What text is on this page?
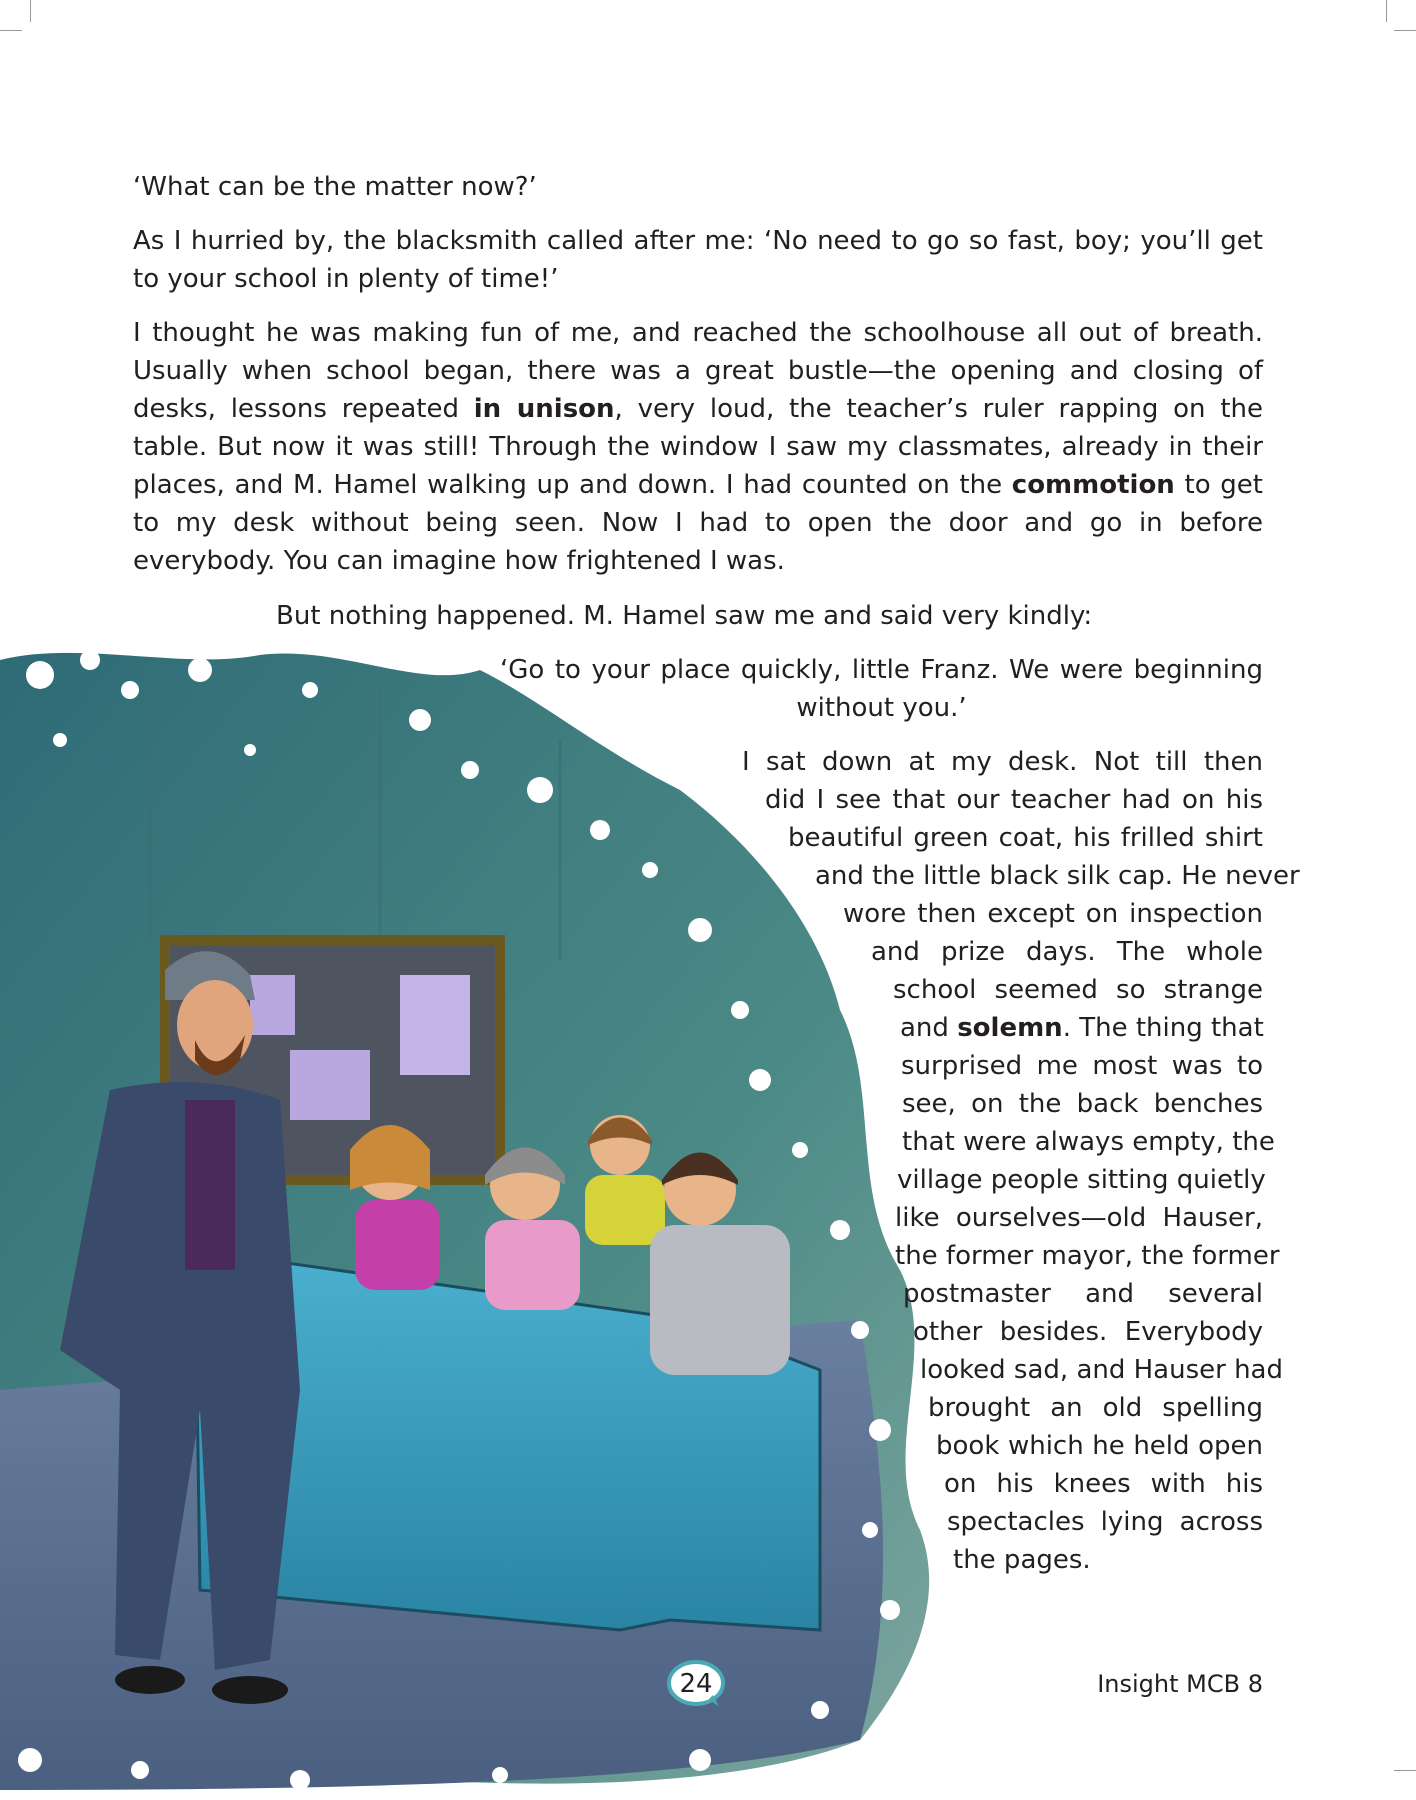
‘What can be the matter now?’

As I hurried by, the blacksmith called after me: ‘No need to go so fast, boy; you’ll get to your school in plenty of time!’

I thought he was making fun of me, and reached the schoolhouse all out of breath. Usually when school began, there was a great bustle—the opening and closing of desks, lessons repeated in unison, very loud, the teacher’s ruler rapping on the table. But now it was still! Through the window I saw my classmates, already in their places, and M. Hamel walking up and down. I had counted on the commotion to get to my desk without being seen. Now I had to open the door and go in before everybody. You can imagine how frightened I was.

But nothing happened. M. Hamel saw me and said very kindly:

‘Go to your place quickly, little Franz. We were beginning without you.’

I sat down at my desk. Not till then
did I see that our teacher had on his
beautiful green coat, his frilled shirt
and the little black silk cap. He never
wore then except on inspection
and prize days. The whole
school seemed so strange
and solemn. The thing that
surprised me most was to
see, on the back benches
that were always empty, the
village people sitting quietly
like ourselves—old Hauser,
the former mayor, the former
postmaster and several
other besides. Everybody
looked sad, and Hauser had
brought an old spelling
book which he held open
on his knees with his
spectacles lying across
the pages.
24	Insight MCB 8
